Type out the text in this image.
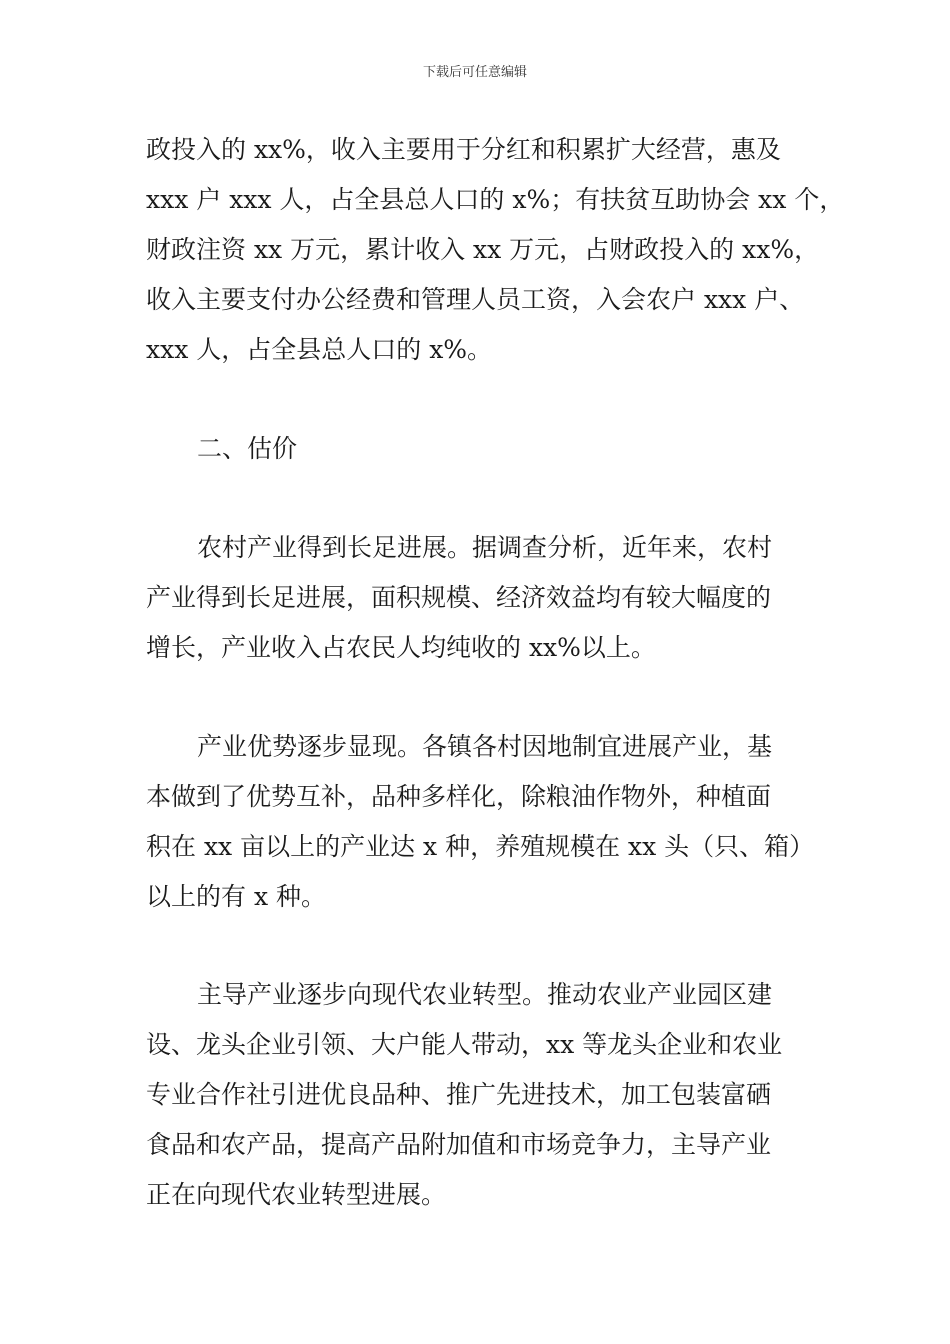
下载后可任意编辑
政投入的 xx%，收入主要用于分红和积累扩大经营，惠及
xxx 户 xxx 人，占全县总人口的 x%；有扶贫互助协会 xx 个，
财政注资 xx 万元，累计收入 xx 万元，占财政投入的 xx%，
收入主要支付办公经费和管理人员工资，入会农户 xxx 户、
xxx 人，占全县总人口的 x%。
二、估价
农村产业得到长足进展。据调查分析，近年来，农村
产业得到长足进展，面积规模、经济效益均有较大幅度的
增长，产业收入占农民人均纯收的 xx%以上。
产业优势逐步显现。各镇各村因地制宜进展产业，基
本做到了优势互补，品种多样化，除粮油作物外，种植面
积在 xx 亩以上的产业达 x 种，养殖规模在 xx 头（只、箱）
以上的有 x 种。
主导产业逐步向现代农业转型。推动农业产业园区建
设、龙头企业引领、大户能人带动，xx 等龙头企业和农业
专业合作社引进优良品种、推广先进技术，加工包装富硒
食品和农产品，提高产品附加值和市场竞争力，主导产业
正在向现代农业转型进展。
